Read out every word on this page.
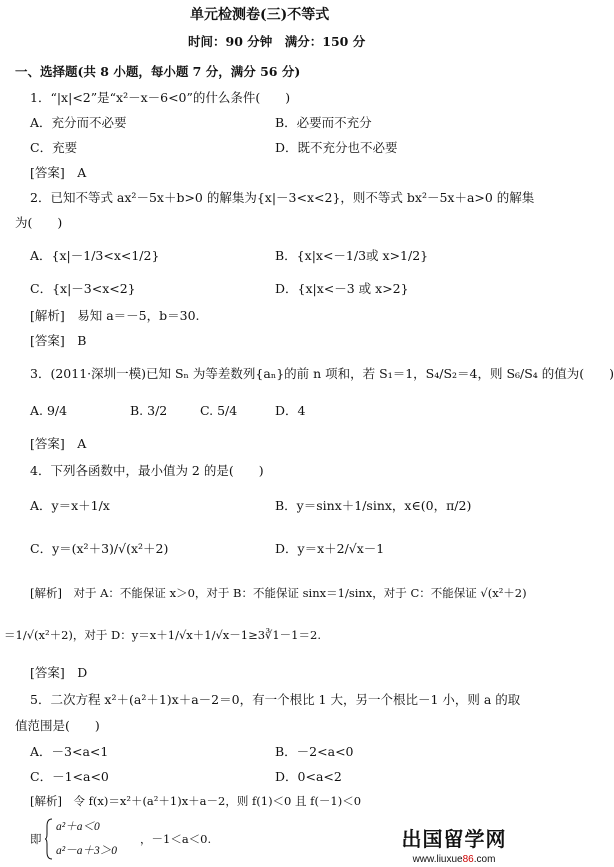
单元检测卷(三)不等式
时间：90 分钟　满分：150 分
一、选择题(共 8 小题，每小题 7 分，满分 56 分)
1．“|x|<2”是“x²－x－6<0”的什么条件(　　)
A．充分而不必要	B．必要而不充分
C．充要	D．既不充分也不必要
[答案]　A
2．已知不等式 ax²－5x＋b>0 的解集为{x|－3<x<2}，则不等式 bx²－5x＋a>0 的解集
为(　　)
A．{x|－1/3<x<1/2}	B．{x|x<－1/3或 x>1/2}
C．{x|－3<x<2}	D．{x|x<－3 或 x>2}
[解析]　易知 a＝－5，b＝30.
[答案]　B
3．(2011·深圳一模)已知 Sₙ 为等差数列{aₙ}的前 n 项和，若 S₁＝1，S₄/S₂＝4，则 S₆/S₄ 的值为(　　)
A. 9/4	B. 3/2	C. 5/4	D．4
[答案]　A
4．下列各函数中，最小值为 2 的是(　　)
A．y＝x＋1/x	B．y＝sinx＋1/sinx，x∈(0，π/2)
C．y＝(x²＋3)/√(x²＋2)	D．y＝x＋2/√x－1
[解析]　对于 A：不能保证 x＞0，对于 B：不能保证 sinx＝1/sinx，对于 C：不能保证 √(x²＋2)
＝1/√(x²＋2)，对于 D：y＝x＋1/√x＋1/√x－1≥3∛1－1＝2.
[答案]　D
5．二次方程 x²＋(a²＋1)x＋a－2＝0，有一个根比 1 大，另一个根比－1 小，则 a 的取
值范围是(　　)
A．－3<a<1	B．－2<a<0
C．－1<a<0	D．0<a<2
[解析]　令 f(x)＝x²＋(a²＋1)x＋a－2，则 f(1)＜0 且 f(－1)＜0
即
a²＋a＜0
a²－a＋3＞0
，－1＜a＜0.	出国留学网
www.liuxue86.com
